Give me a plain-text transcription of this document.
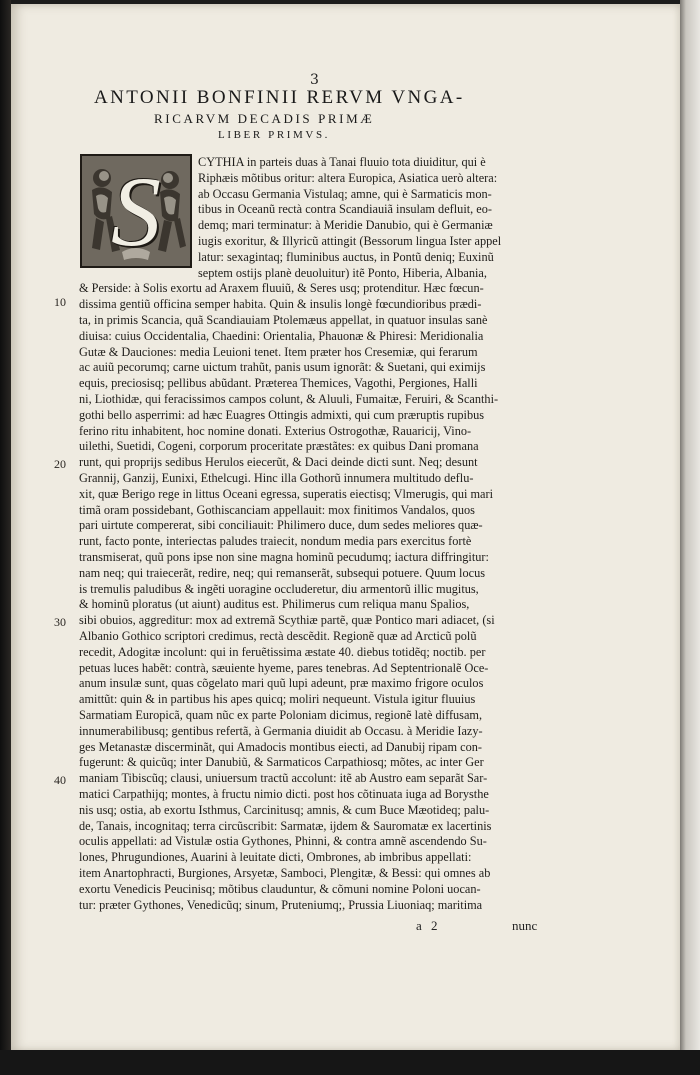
3
ANTONII BONFINII RERVM VNGA-
RICARVM DECADIS PRIMÆ
LIBER PRIMVS.
S
10
20
30
40
CYTHIA in parteis duas à Tanai fluuio tota diuiditur, qui è
Riphæis mõtibus oritur: altera Europica, Asiatica uerò altera:
ab Occasu Germania Vistulaq; amne, qui è Sarmaticis mon-
tibus in Oceanũ rectà contra Scandiauiã insulam defluit, eo-
demq; mari terminatur: à Meridie Danubio, qui è Germaniæ
iugis exoritur, & Illyricũ attingit (Bessorum lingua Ister appel
latur: sexagintaq; fluminibus auctus, in Pontũ deniq; Euxinũ
septem ostijs planè deuoluitur) itẽ Ponto, Hiberia, Albania,
& Perside: à Solis exortu ad Araxem fluuiũ, & Seres usq; protenditur. Hæc fœcun-
dissima gentiũ officina semper habita. Quin & insulis longè fœcundioribus prædi-
ta, in primis Scancia, quã Scandiauiam Ptolemæus appellat, in quatuor insulas sanè
diuisa: cuius Occidentalia, Chaedini: Orientalia, Phauonæ & Phiresi: Meridionalia
Gutæ & Dauciones: media Leuioni tenet. Item præter hos Cresemiæ, qui ferarum
ac auiũ pecorumq; carne uictum trahũt, panis usum ignorãt: & Suetani, qui eximijs
equis, preciosisq; pellibus abũdant. Præterea Themices, Vagothi, Pergiones, Halli
ni, Liothidæ, qui feracissimos campos colunt, & Aluuli, Fumaitæ, Feruiri, & Scanthi-
gothi bello asperrimi: ad hæc Euagres Ottingis admixti, qui cum præruptis rupibus
ferino ritu inhabitent, hoc nomine donati. Exterius Ostrogothæ, Rauaricij, Vino-
uilethi, Suetidi, Cogeni, corporum proceritate præstãtes: ex quibus Dani promana
runt, qui proprijs sedibus Herulos eiecerũt, & Daci deinde dicti sunt. Neq; desunt
Grannij, Ganzij, Eunixi, Ethelcugi. Hinc illa Gothorũ innumera multitudo deflu-
xit, quæ Berigo rege in littus Oceani egressa, superatis eiectisq; Vlmerugis, qui mari
timã oram possidebant, Gothiscanciam appellauit: mox finitimos Vandalos, quos
pari uirtute compererat, sibi conciliauit: Philimero duce, dum sedes meliores quæ-
runt, facto ponte, interiectas paludes traiecit, nondum media pars exercitus fortè
transmiserat, quũ pons ipse non sine magna hominũ pecudumq; iactura diffringitur:
nam neq; qui traiecerãt, redire, neq; qui remanserãt, subsequi potuere. Quum locus
is tremulis paludibus & ingẽti uoragine occluderetur, diu armentorũ illic mugitus,
& hominũ ploratus (ut aiunt) auditus est. Philimerus cum reliqua manu Spalios,
sibi obuios, aggreditur: mox ad extremã Scythiæ partẽ, quæ Pontico mari adiacet, (si
Albanio Gothico scriptori credimus, rectà descẽdit. Regionẽ quæ ad Arcticũ polũ
recedit, Adogitæ incolunt: qui in feruẽtissima æstate 40. diebus totidẽq; noctib. per
petuas luces habẽt: contrà, sæuiente hyeme, pares tenebras. Ad Septentrionalẽ Oce-
anum insulæ sunt, quas cõgelato mari quũ lupi adeunt, præ maximo frigore oculos
amittũt: quin & in partibus his apes quicq; moliri nequeunt. Vistula igitur fluuius
Sarmatiam Europicã, quam nũc ex parte Poloniam dicimus, regionẽ latè diffusam,
innumerabilibusq; gentibus refertã, à Germania diuidit ab Occasu. à Meridie Iazy-
ges Metanastæ discerminãt, qui Amadocis montibus eiecti, ad Danubij ripam con-
fugerunt: & quicũq; inter Danubiũ, & Sarmaticos Carpathiosq; mõtes, ac inter Ger
maniam Tibiscũq; clausi, uniuersum tractũ accolunt: itẽ ab Austro eam separãt Sar-
matici Carpathijq; montes, à fructu nimio dicti. post hos cõtinuata iuga ad Borysthe
nis usq; ostia, ab exortu Isthmus, Carcinitusq; amnis, & cum Buce Mæotideq; palu-
de, Tanais, incognitaq; terra circũscribit: Sarmatæ, ijdem & Sauromatæ ex lacertinis
oculis appellati: ad Vistulæ ostia Gythones, Phinni, & contra amnẽ ascendendo Su-
lones, Phrugundiones, Auarini à leuitate dicti, Ombrones, ab imbribus appellati:
item Anartophracti, Burgiones, Arsyetæ, Samboci, Plengitæ, & Bessi: qui omnes ab
exortu Venedicis Peucinisq; mõtibus clauduntur, & cõmuni nomine Poloni uocan-
tur: præter Gythones, Venedicũq; sinum, Pruteniumq;, Prussia Liuoniaq; maritima
a 2	nunc
